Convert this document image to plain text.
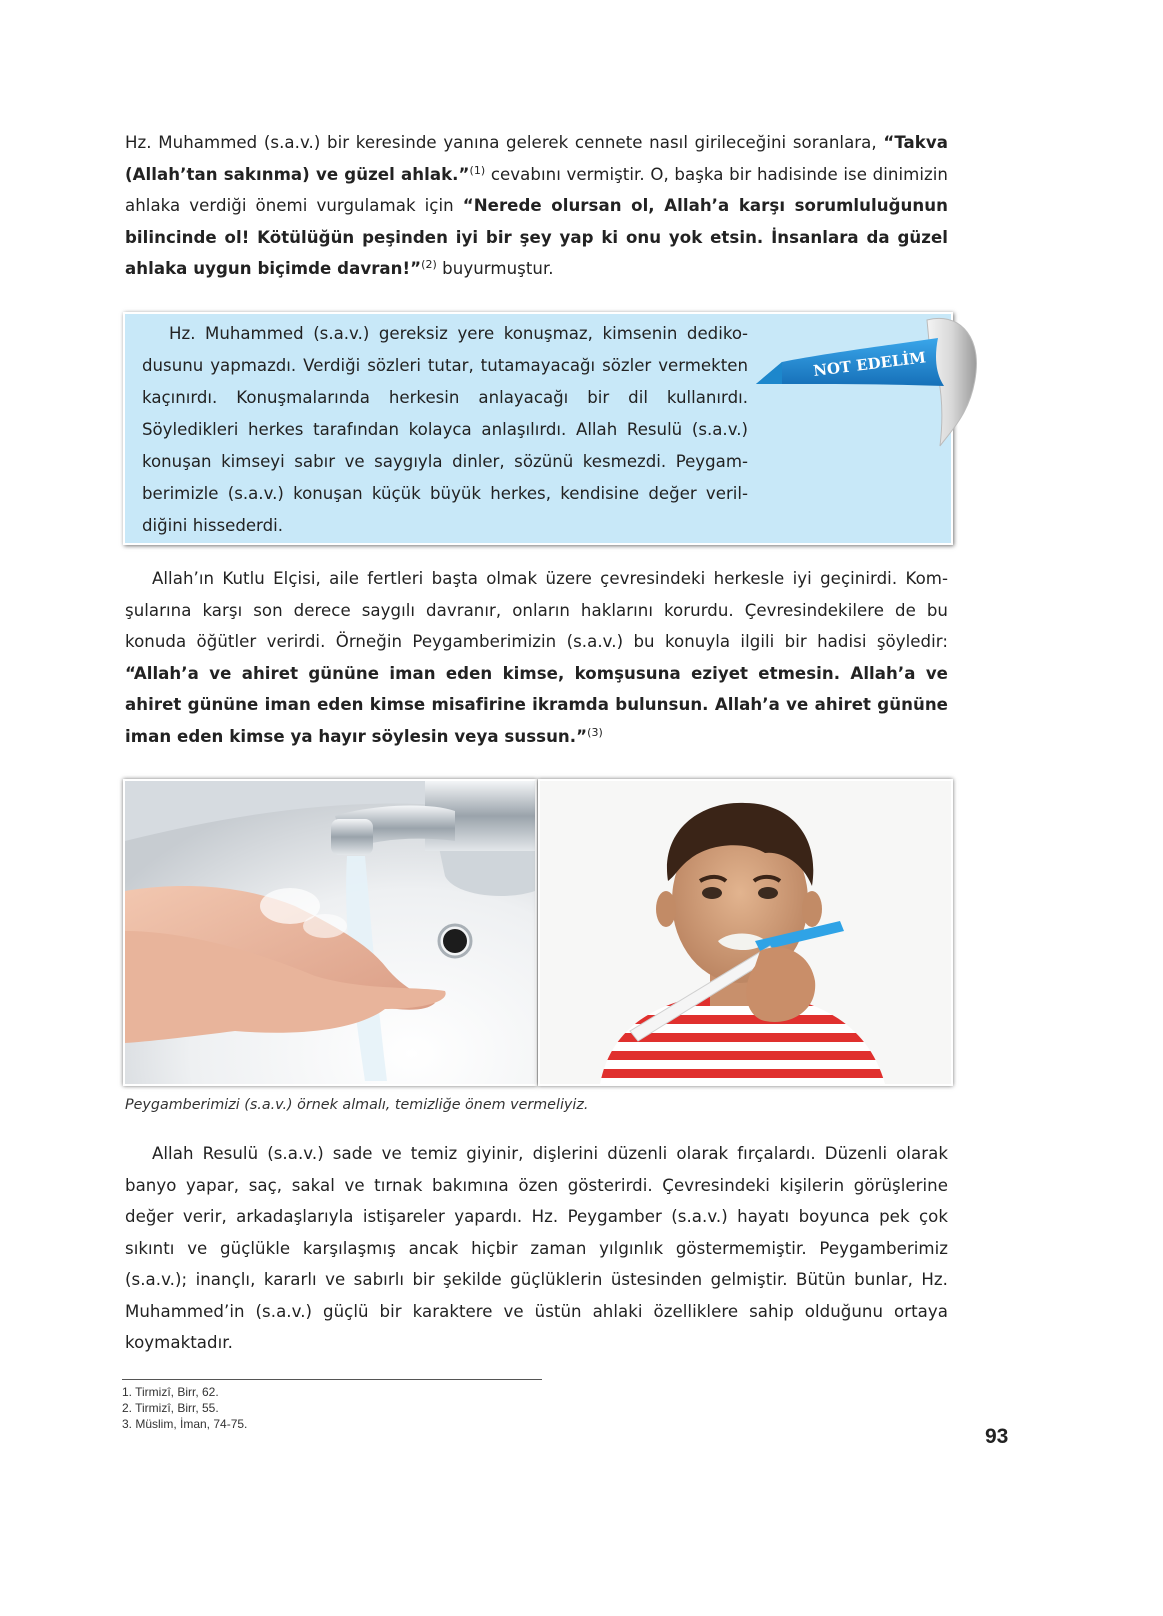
Hz. Muhammed (s.a.v.) bir keresinde yanına gelerek cennete nasıl girileceğini soranlara, “Takva (Allah’tan sakınma) ve güzel ahlak.”$^{(1)}$ cevabını vermiştir. O, başka bir hadisinde ise dinimizin ahlaka verdiği önemi vurgulamak için “Nerede olursan ol, Allah’a karşı sorumluluğunun bilincinde ol! Kötülüğün peşinden iyi bir şey yap ki onu yok etsin. İnsanlara da güzel ahlaka uygun biçimde davran!”$^{(2)}$ buyurmuştur.

Hz. Muhammed (s.a.v.) gereksiz yere konuşmaz, kimsenin dedikodusunu yapmazdı. Verdiği sözleri tutar, tutamayacağı sözler vermekten kaçınırdı. Konuşmalarında herkesin anlayacağı bir dil kullanırdı. Söyledikleri herkes tarafından kolayca anlaşılırdı. Allah Resulü (s.a.v.) konuşan kimseyi sabır ve saygıyla dinler, sözünü kesmezdi. Peygamberimizle (s.a.v.) konuşan küçük büyük herkes, kendisine değer verildiğini hissederdi.

NOT EDELİM

Allah’ın Kutlu Elçisi, aile fertleri başta olmak üzere çevresindeki herkesle iyi geçinirdi. Komşularına karşı son derece saygılı davranır, onların haklarını korurdu. Çevresindekilere de bu konuda öğütler verirdi. Örneğin Peygamberimizin (s.a.v.) bu konuyla ilgili bir hadisi şöyledir: “Allah’a ve ahiret gününe iman eden kimse, komşusuna eziyet etmesin. Allah’a ve ahiret gününe iman eden kimse misafirine ikramda bulunsun. Allah’a ve ahiret gününe iman eden kimse ya hayır söylesin veya sussun.”$^{(3)}$

Peygamberimizi (s.a.v.) örnek almalı, temizliğe önem vermeliyiz.

Allah Resulü (s.a.v.) sade ve temiz giyinir, dişlerini düzenli olarak fırçalardı. Düzenli olarak banyo yapar, saç, sakal ve tırnak bakımına özen gösterirdi. Çevresindeki kişilerin görüşlerine değer verir, arkadaşlarıyla istişareler yapardı. Hz. Peygamber (s.a.v.) hayatı boyunca pek çok sıkıntı ve güçlükle karşılaşmış ancak hiçbir zaman yılgınlık göstermemiştir. Peygamberimiz (s.a.v.); inançlı, kararlı ve sabırlı bir şekilde güçlüklerin üstesinden gelmiştir. Bütün bunlar, Hz. Muhammed’in (s.a.v.) güçlü bir karaktere ve üstün ahlaki özelliklere sahip olduğunu ortaya koymaktadır.

1. Tirmizî, Birr, 62.
2. Tirmizî, Birr, 55.
3. Müslim, İman, 74-75.

93
